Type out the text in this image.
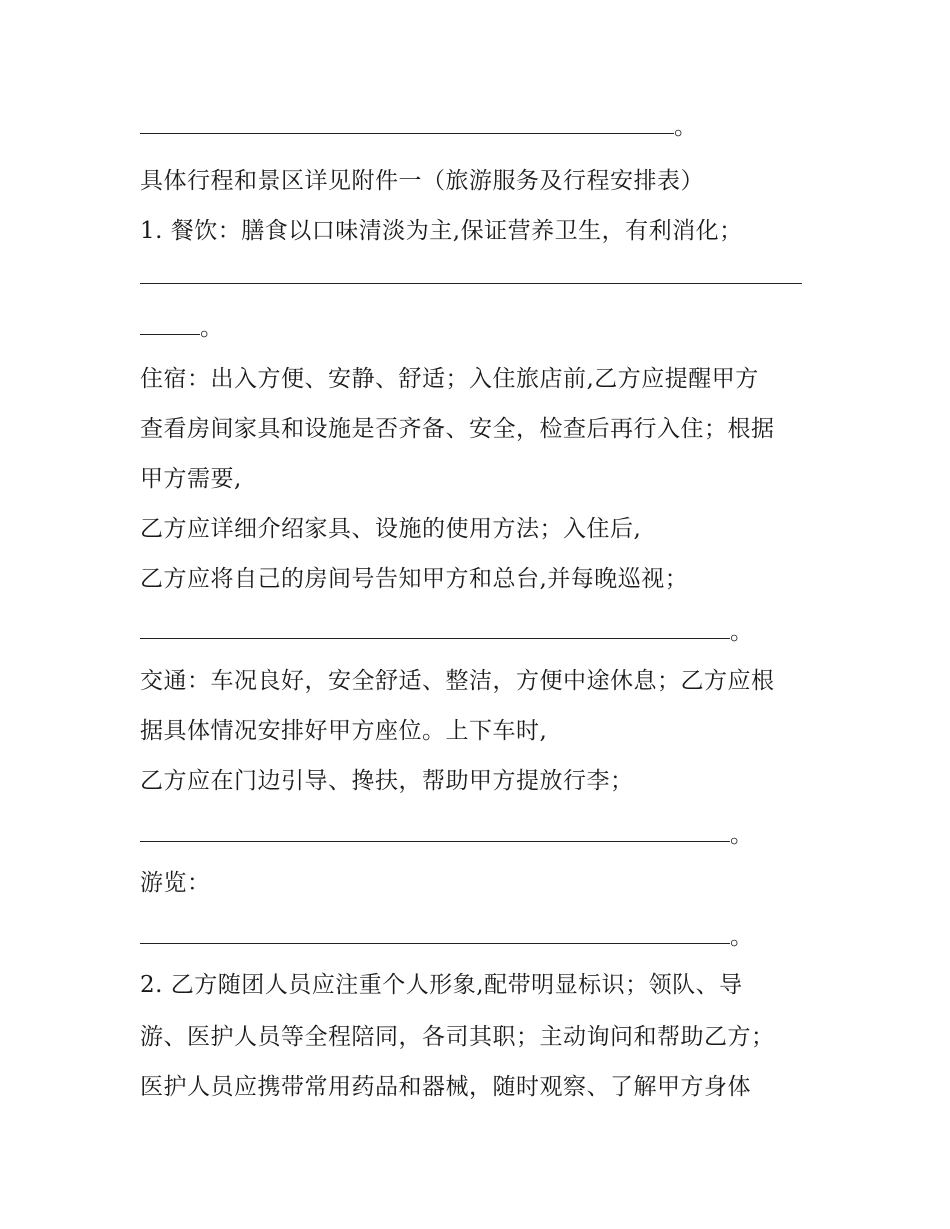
。
具体行程和景区详见附件一（旅游服务及行程安排表）
1. 餐饮：膳食以口味清淡为主,保证营养卫生，有利消化；
。
住宿：出入方便、安静、舒适；入住旅店前,乙方应提醒甲方
查看房间家具和设施是否齐备、安全，检查后再行入住；根据
甲方需要,
乙方应详细介绍家具、设施的使用方法；入住后,
乙方应将自己的房间号告知甲方和总台,并每晚巡视；
。
交通：车况良好，安全舒适、整洁，方便中途休息；乙方应根
据具体情况安排好甲方座位。上下车时,
乙方应在门边引导、搀扶，帮助甲方提放行李；
。
游览：
。
2. 乙方随团人员应注重个人形象,配带明显标识；领队、导
游、医护人员等全程陪同，各司其职；主动询问和帮助乙方；
医护人员应携带常用药品和器械，随时观察、了解甲方身体
